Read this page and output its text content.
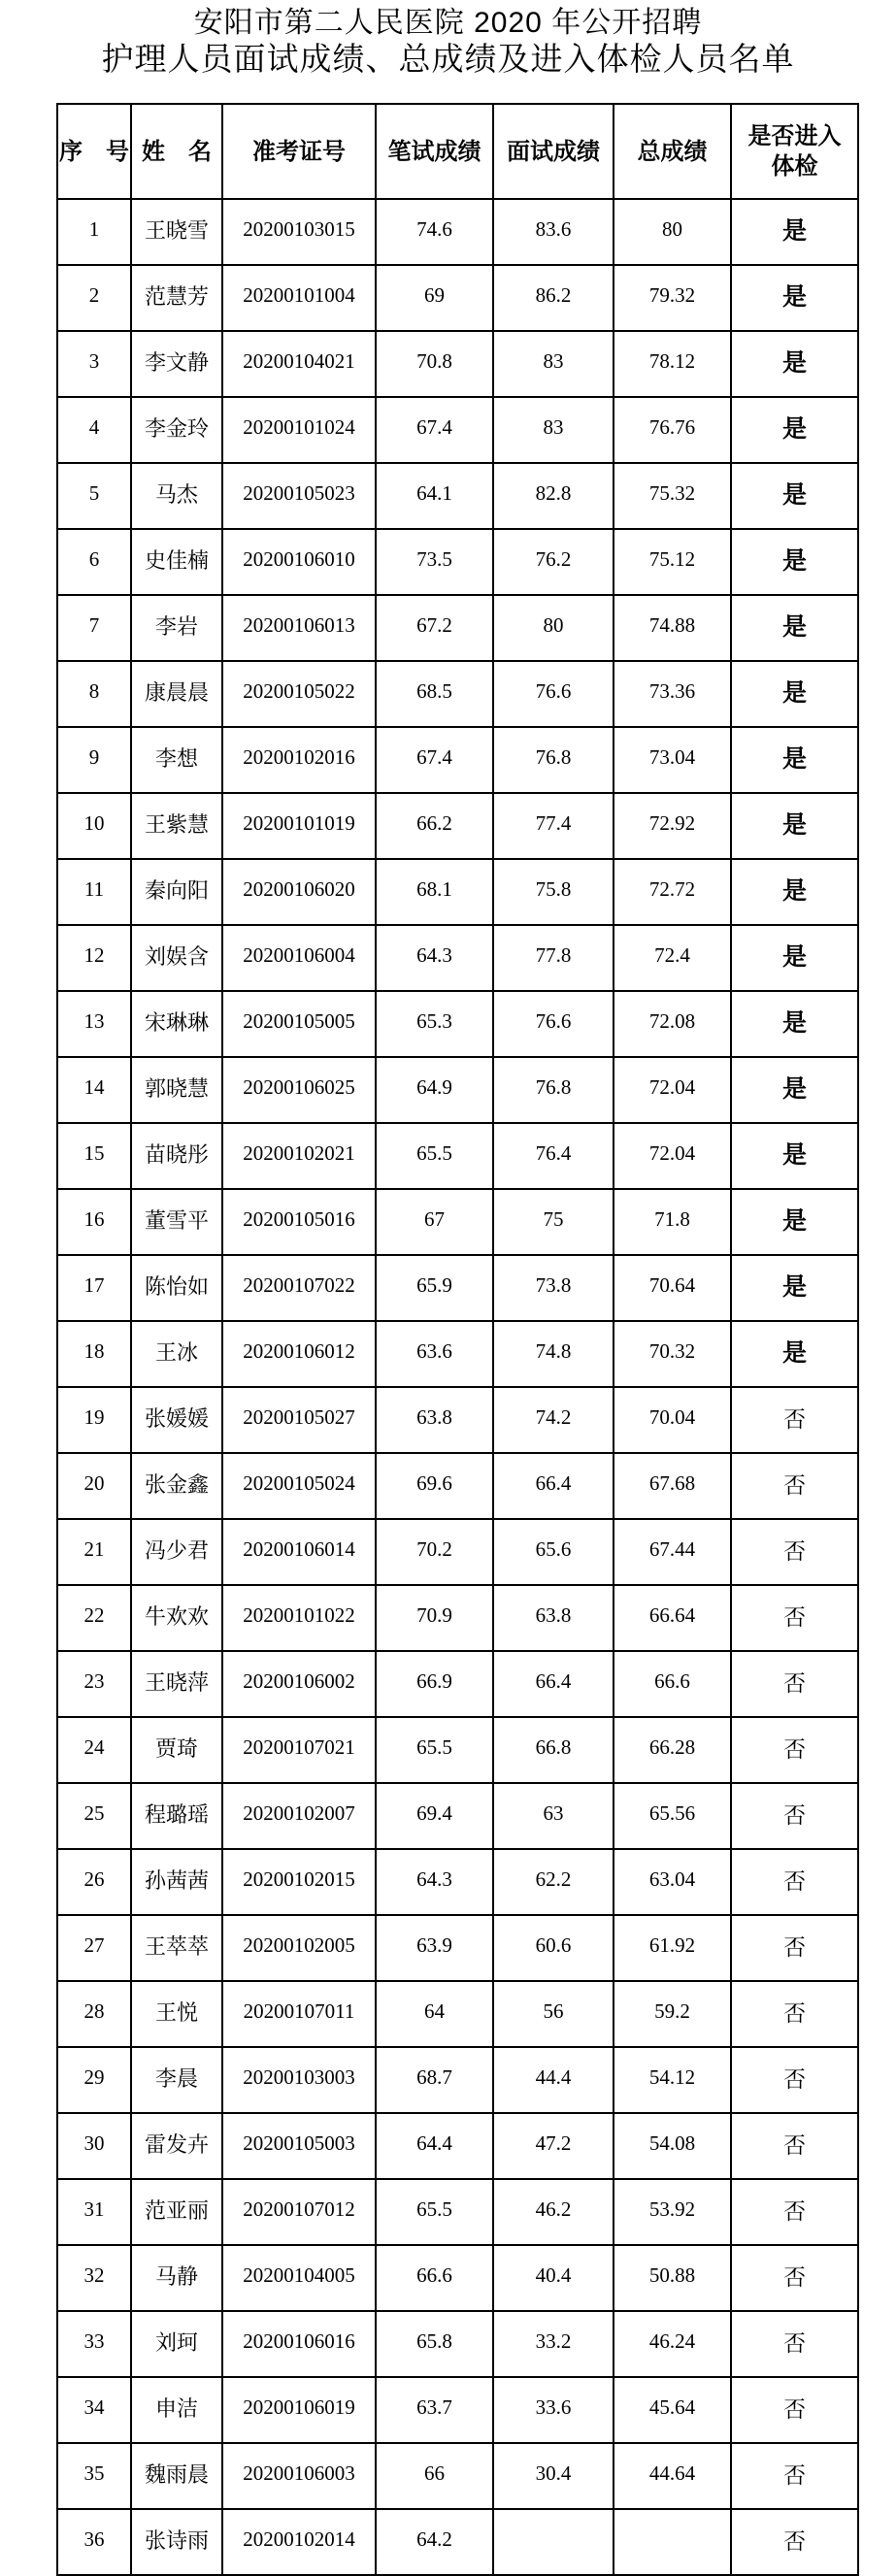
安阳市第二人民医院 2020 年公开招聘
护理人员面试成绩、总成绩及进入体检人员名单
序　号	姓　名	准考证号	笔试成绩	面试成绩	总成绩	是否进入体检
1	王晓雪	20200103015	74.6	83.6	80	是
2	范慧芳	20200101004	69	86.2	79.32	是
3	李文静	20200104021	70.8	83	78.12	是
4	李金玲	20200101024	67.4	83	76.76	是
5	马杰	20200105023	64.1	82.8	75.32	是
6	史佳楠	20200106010	73.5	76.2	75.12	是
7	李岩	20200106013	67.2	80	74.88	是
8	康晨晨	20200105022	68.5	76.6	73.36	是
9	李想	20200102016	67.4	76.8	73.04	是
10	王紫慧	20200101019	66.2	77.4	72.92	是
11	秦向阳	20200106020	68.1	75.8	72.72	是
12	刘娱含	20200106004	64.3	77.8	72.4	是
13	宋琳琳	20200105005	65.3	76.6	72.08	是
14	郭晓慧	20200106025	64.9	76.8	72.04	是
15	苗晓彤	20200102021	65.5	76.4	72.04	是
16	董雪平	20200105016	67	75	71.8	是
17	陈怡如	20200107022	65.9	73.8	70.64	是
18	王冰	20200106012	63.6	74.8	70.32	是
19	张媛媛	20200105027	63.8	74.2	70.04	否
20	张金鑫	20200105024	69.6	66.4	67.68	否
21	冯少君	20200106014	70.2	65.6	67.44	否
22	牛欢欢	20200101022	70.9	63.8	66.64	否
23	王晓萍	20200106002	66.9	66.4	66.6	否
24	贾琦	20200107021	65.5	66.8	66.28	否
25	程璐瑶	20200102007	69.4	63	65.56	否
26	孙茜茜	20200102015	64.3	62.2	63.04	否
27	王萃萃	20200102005	63.9	60.6	61.92	否
28	王悦	20200107011	64	56	59.2	否
29	李晨	20200103003	68.7	44.4	54.12	否
30	雷发卉	20200105003	64.4	47.2	54.08	否
31	范亚丽	20200107012	65.5	46.2	53.92	否
32	马静	20200104005	66.6	40.4	50.88	否
33	刘珂	20200106016	65.8	33.2	46.24	否
34	申洁	20200106019	63.7	33.6	45.64	否
35	魏雨晨	20200106003	66	30.4	44.64	否
36	张诗雨	20200102014	64.2			否
